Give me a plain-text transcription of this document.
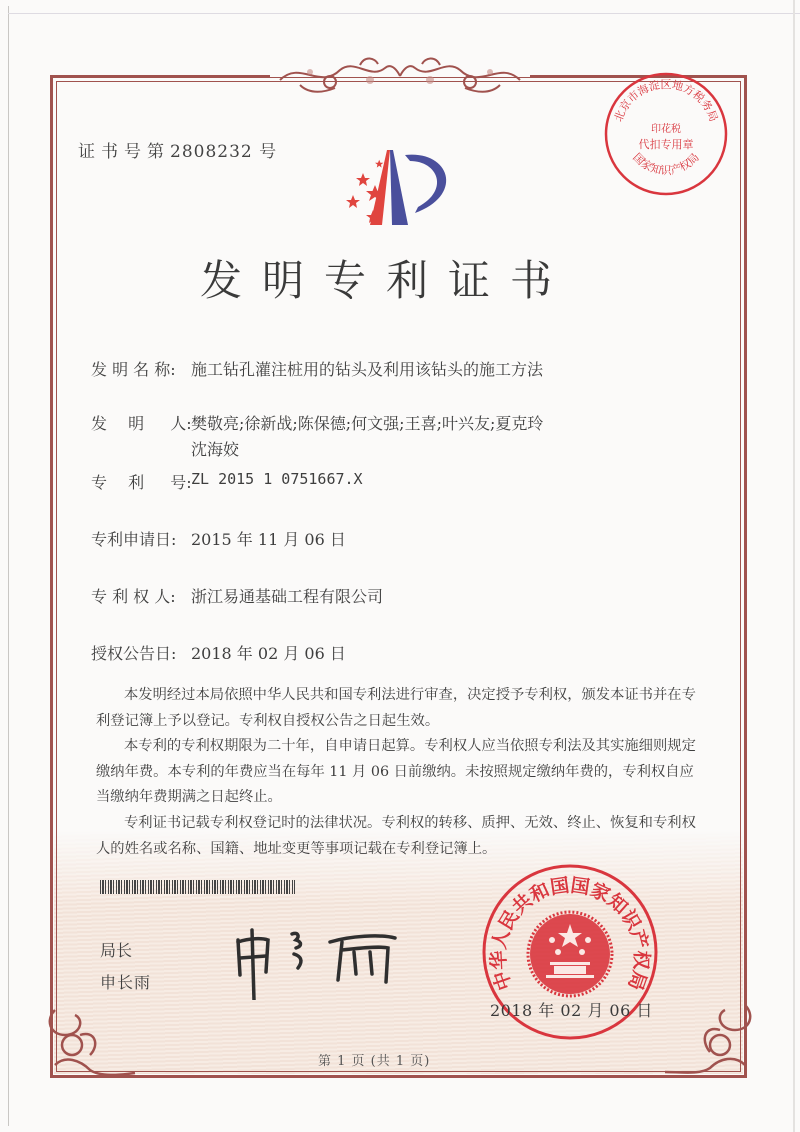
证书号第2808232 号
北京市海淀区地方税务局
国家知识产权局
印花税
代扣专用章
发明专利证书
发 明 名 称: 施工钻孔灌注桩用的钻头及利用该钻头的施工方法
发　 明 　 人:樊敬亮;徐新战;陈保德;何文强;王喜;叶兴友;夏克玲
沈海姣
专　 利 　 号:ZL 2015 1 0751667.X
专利申请日: 2015 年 11 月 06 日
专 利 权 人: 浙江易通基础工程有限公司
授权公告日: 2018 年 02 月 06 日

本发明经过本局依照中华人民共和国专利法进行审查，决定授予专利权，颁发本证书并在专利登记簿上予以登记。专利权自授权公告之日起生效。

本专利的专利权期限为二十年，自申请日起算。专利权人应当依照专利法及其实施细则规定缴纳年费。本专利的年费应当在每年 11 月 06 日前缴纳。未按照规定缴纳年费的，专利权自应当缴纳年费期满之日起终止。

专利证书记载专利权登记时的法律状况。专利权的转移、质押、无效、终止、恢复和专利权人的姓名或名称、国籍、地址变更等事项记载在专利登记簿上。

局长
申长雨	中华人民共和国国家知识产权局
2018 年 02 月 06 日
第 1 页 (共 1 页)
